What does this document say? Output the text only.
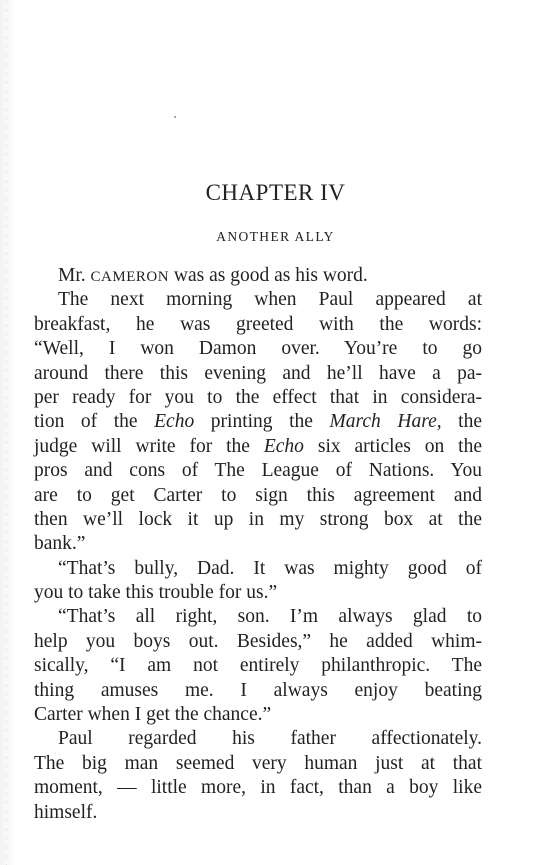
CHAPTER IV
ANOTHER ALLY
Mr. CAMERON was as good as his word.
The next morning when Paul appeared at
breakfast, he was greeted with the words:
“Well, I won Damon over. You’re to go
around there this evening and he’ll have a pa-
per ready for you to the effect that in considera-
tion of the Echo printing the March Hare, the
judge will write for the Echo six articles on the
pros and cons of The League of Nations. You
are to get Carter to sign this agreement and
then we’ll lock it up in my strong box at the
bank.”
“That’s bully, Dad. It was mighty good of
you to take this trouble for us.”
“That’s all right, son. I’m always glad to
help you boys out. Besides,” he added whim-
sically, “I am not entirely philanthropic. The
thing amuses me. I always enjoy beating
Carter when I get the chance.”
Paul regarded his father affectionately.
The big man seemed very human just at that
moment, — little more, in fact, than a boy like
himself.
